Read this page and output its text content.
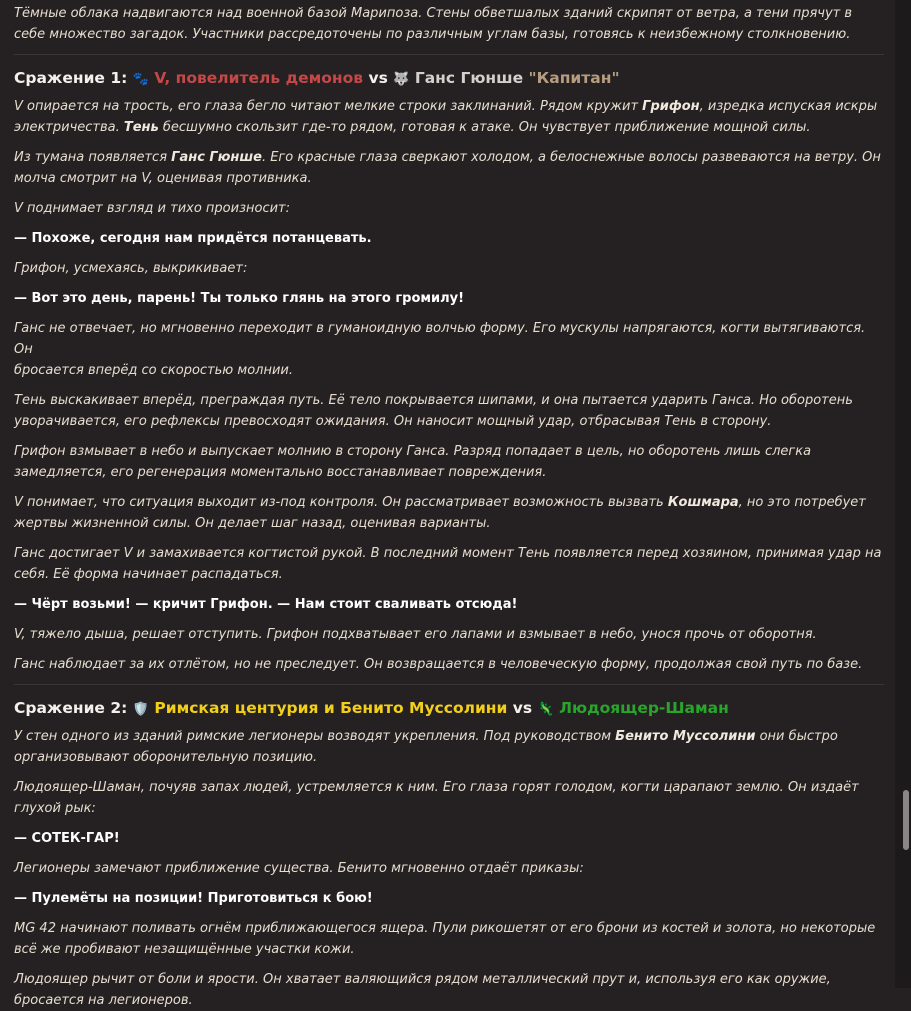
Тёмные облака надвигаются над военной базой Марипоза. Стены обветшалых зданий скрипят от ветра, а тени прячут в
себе множество загадок. Участники рассредоточены по различным углам базы, готовясь к неизбежному столкновению.

Сражение 1: 🐾 V, повелитель демонов vs 🐺 Ганс Гюнше "Капитан"

V опирается на трость, его глаза бегло читают мелкие строки заклинаний. Рядом кружит Грифон, изредка испуская искры
электричества. Тень бесшумно скользит где-то рядом, готовая к атаке. Он чувствует приближение мощной силы.

Из тумана появляется Ганс Гюнше. Его красные глаза сверкают холодом, а белоснежные волосы развеваются на ветру. Он
молча смотрит на V, оценивая противника.

V поднимает взгляд и тихо произносит:

— Похоже, сегодня нам придётся потанцевать.

Грифон, усмехаясь, выкрикивает:

— Вот это день, парень! Ты только глянь на этого громилу!

Ганс не отвечает, но мгновенно переходит в гуманоидную волчью форму. Его мускулы напрягаются, когти вытягиваются. Он
бросается вперёд со скоростью молнии.

Тень выскакивает вперёд, преграждая путь. Её тело покрывается шипами, и она пытается ударить Ганса. Но оборотень
уворачивается, его рефлексы превосходят ожидания. Он наносит мощный удар, отбрасывая Тень в сторону.

Грифон взмывает в небо и выпускает молнию в сторону Ганса. Разряд попадает в цель, но оборотень лишь слегка
замедляется, его регенерация моментально восстанавливает повреждения.

V понимает, что ситуация выходит из-под контроля. Он рассматривает возможность вызвать Кошмара, но это потребует
жертвы жизненной силы. Он делает шаг назад, оценивая варианты.

Ганс достигает V и замахивается когтистой рукой. В последний момент Тень появляется перед хозяином, принимая удар на
себя. Её форма начинает распадаться.

— Чёрт возьми! — кричит Грифон. — Нам стоит сваливать отсюда!

V, тяжело дыша, решает отступить. Грифон подхватывает его лапами и взмывает в небо, унося прочь от оборотня.

Ганс наблюдает за их отлётом, но не преследует. Он возвращается в человеческую форму, продолжая свой путь по базе.

Сражение 2: 🛡️ Римская центурия и Бенито Муссолини vs 🦎 Людоящер-Шаман

У стен одного из зданий римские легионеры возводят укрепления. Под руководством Бенито Муссолини они быстро
организовывают оборонительную позицию.

Людоящер-Шаман, почуяв запах людей, устремляется к ним. Его глаза горят голодом, когти царапают землю. Он издаёт
глухой рык:

— СОТЕК-ГАР!

Легионеры замечают приближение существа. Бенито мгновенно отдаёт приказы:

— Пулемёты на позиции! Приготовиться к бою!

MG 42 начинают поливать огнём приближающегося ящера. Пули рикошетят от его брони из костей и золота, но некоторые
всё же пробивают незащищённые участки кожи.

Людоящер рычит от боли и ярости. Он хватает валяющийся рядом металлический прут и, используя его как оружие,
бросается на легионеров.
